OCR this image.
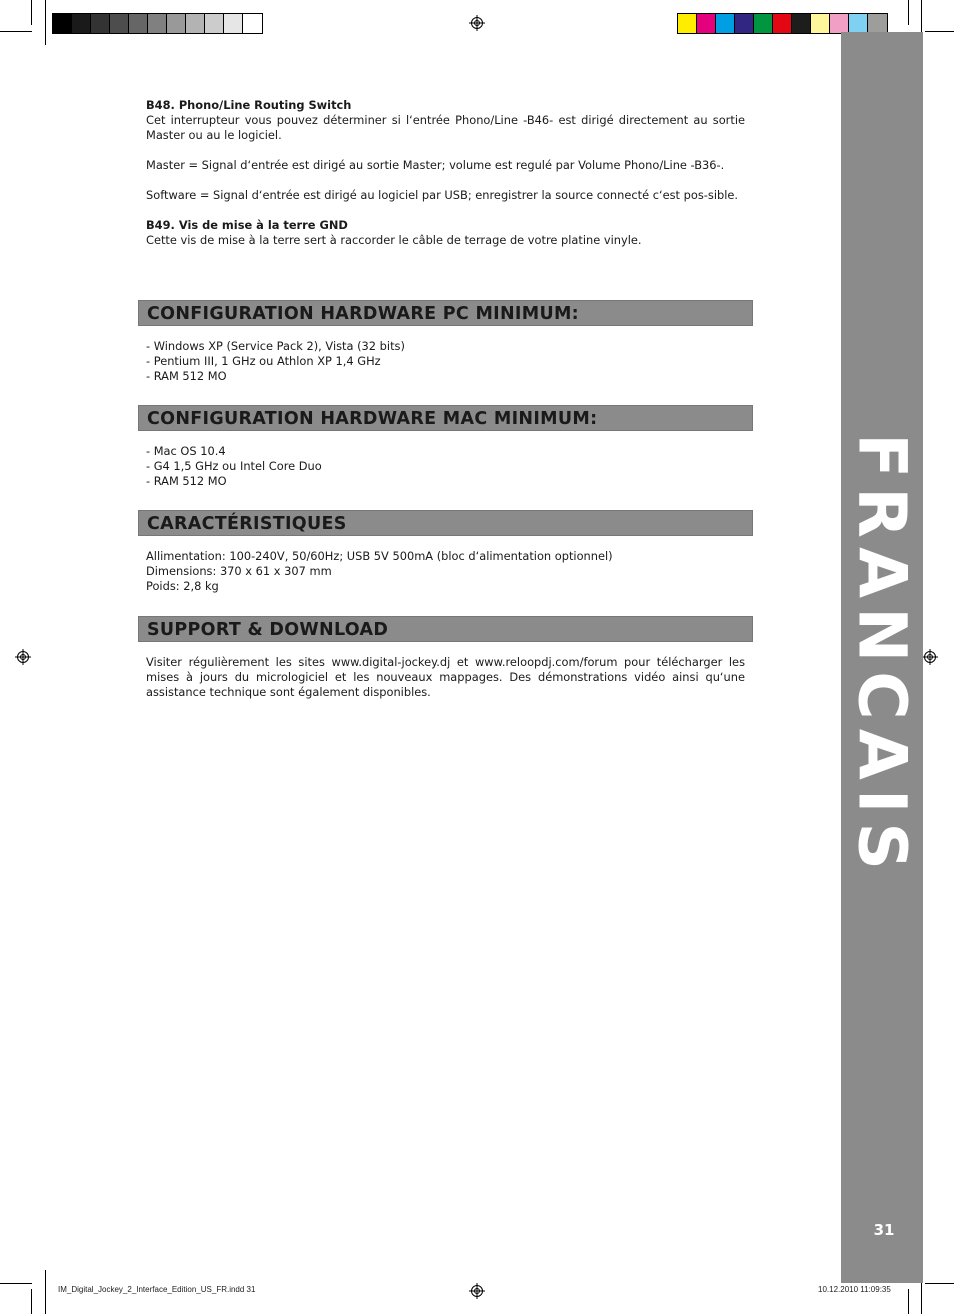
FRANCAIS
31

B48. Phono/Line Routing Switch

Cet interrupteur vous pouvez déterminer si l‘entrée Phono/Line -B46- est dirigé directement au sortie Master ou au le logiciel.

Master = Signal d‘entrée est dirigé au sortie Master; volume est regulé par Volume Phono/Line -B36-.

Software = Signal d‘entrée est dirigé au logiciel par USB; enregistrer la source connecté c‘est pos-sible.

B49. Vis de mise à la terre GND

Cette vis de mise à la terre sert à raccorder le câble de terrage de votre platine vinyle.

CONFIGURATION HARDWARE PC MINIMUM:

- Windows XP (Service Pack 2), Vista (32 bits)

- Pentium III, 1 GHz ou Athlon XP 1,4 GHz

- RAM 512 MO

CONFIGURATION HARDWARE MAC MINIMUM:

- Mac OS 10.4

- G4 1,5 GHz ou Intel Core Duo

- RAM 512 MO

CARACTÉRISTIQUES

Allimentation: 100-240V, 50/60Hz; USB 5V 500mA (bloc d‘alimentation optionnel)

Dimensions: 370 x 61 x 307 mm

Poids: 2,8 kg

SUPPORT & DOWNLOAD
Visiter régulièrement les sites www.digital-jockey.dj et www.reloopdj.com/forum pour télécharger les mises à jours du micrologiciel et les nouveaux mappages. Des démonstrations vidéo ainsi qu‘une assistance technique sont également disponibles.
IM_Digital_Jockey_2_Interface_Edition_US_FR.indd 31	10.12.2010 11:09:35
